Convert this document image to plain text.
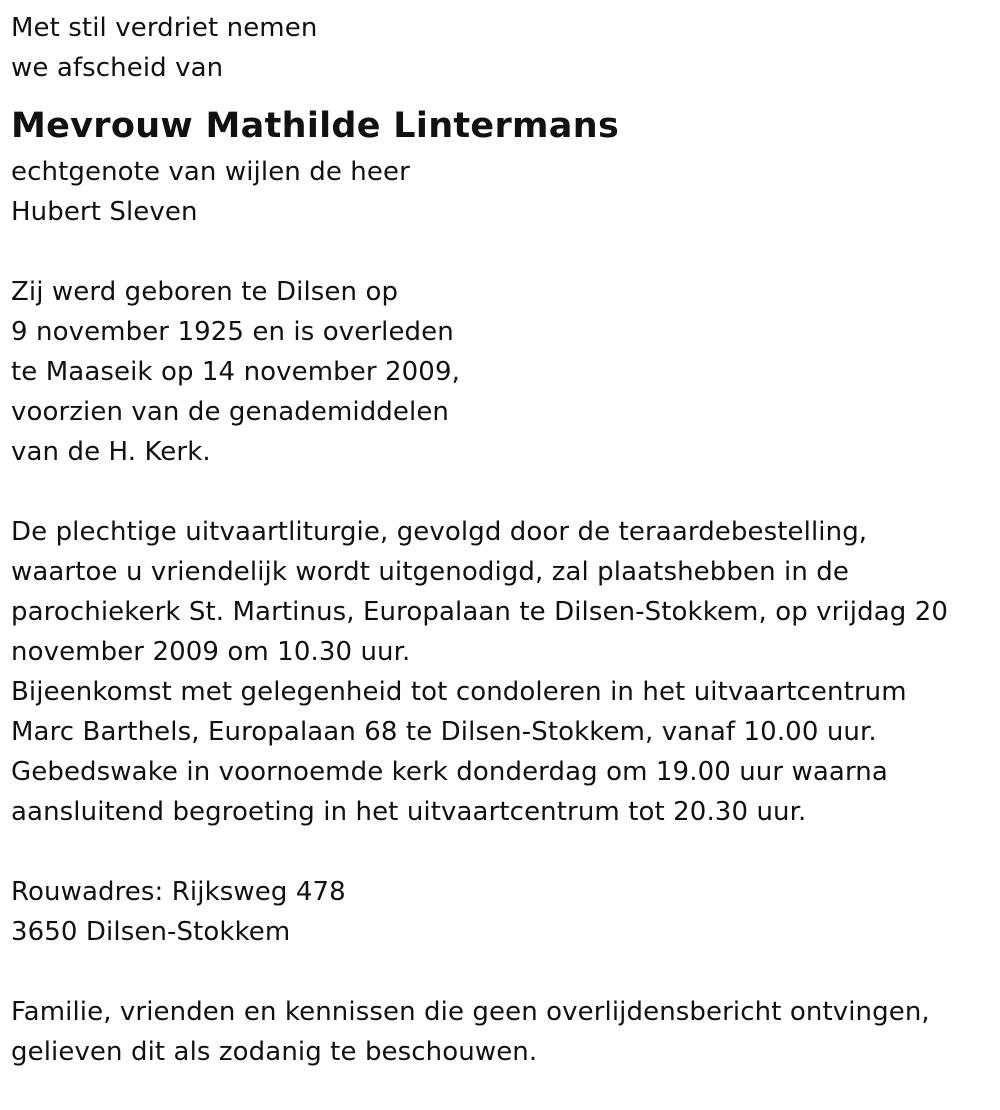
Met stil verdriet nemen
we afscheid van
Mevrouw Mathilde Lintermans
echtgenote van wijlen de heer
Hubert Sleven
Zij werd geboren te Dilsen op
9 november 1925 en is overleden
te Maaseik op 14 november 2009,
voorzien van de genademiddelen
van de H. Kerk.
De plechtige uitvaartliturgie, gevolgd door de teraardebestelling,
waartoe u vriendelijk wordt uitgenodigd, zal plaatshebben in de
parochiekerk St. Martinus, Europalaan te Dilsen-Stokkem, op vrijdag 20
november 2009 om 10.30 uur.
Bijeenkomst met gelegenheid tot condoleren in het uitvaartcentrum
Marc Barthels, Europalaan 68 te Dilsen-Stokkem, vanaf 10.00 uur.
Gebedswake in voornoemde kerk donderdag om 19.00 uur waarna
aansluitend begroeting in het uitvaartcentrum tot 20.30 uur.
Rouwadres: Rijksweg 478
3650 Dilsen-Stokkem
Familie, vrienden en kennissen die geen overlijdensbericht ontvingen,
gelieven dit als zodanig te beschouwen.
